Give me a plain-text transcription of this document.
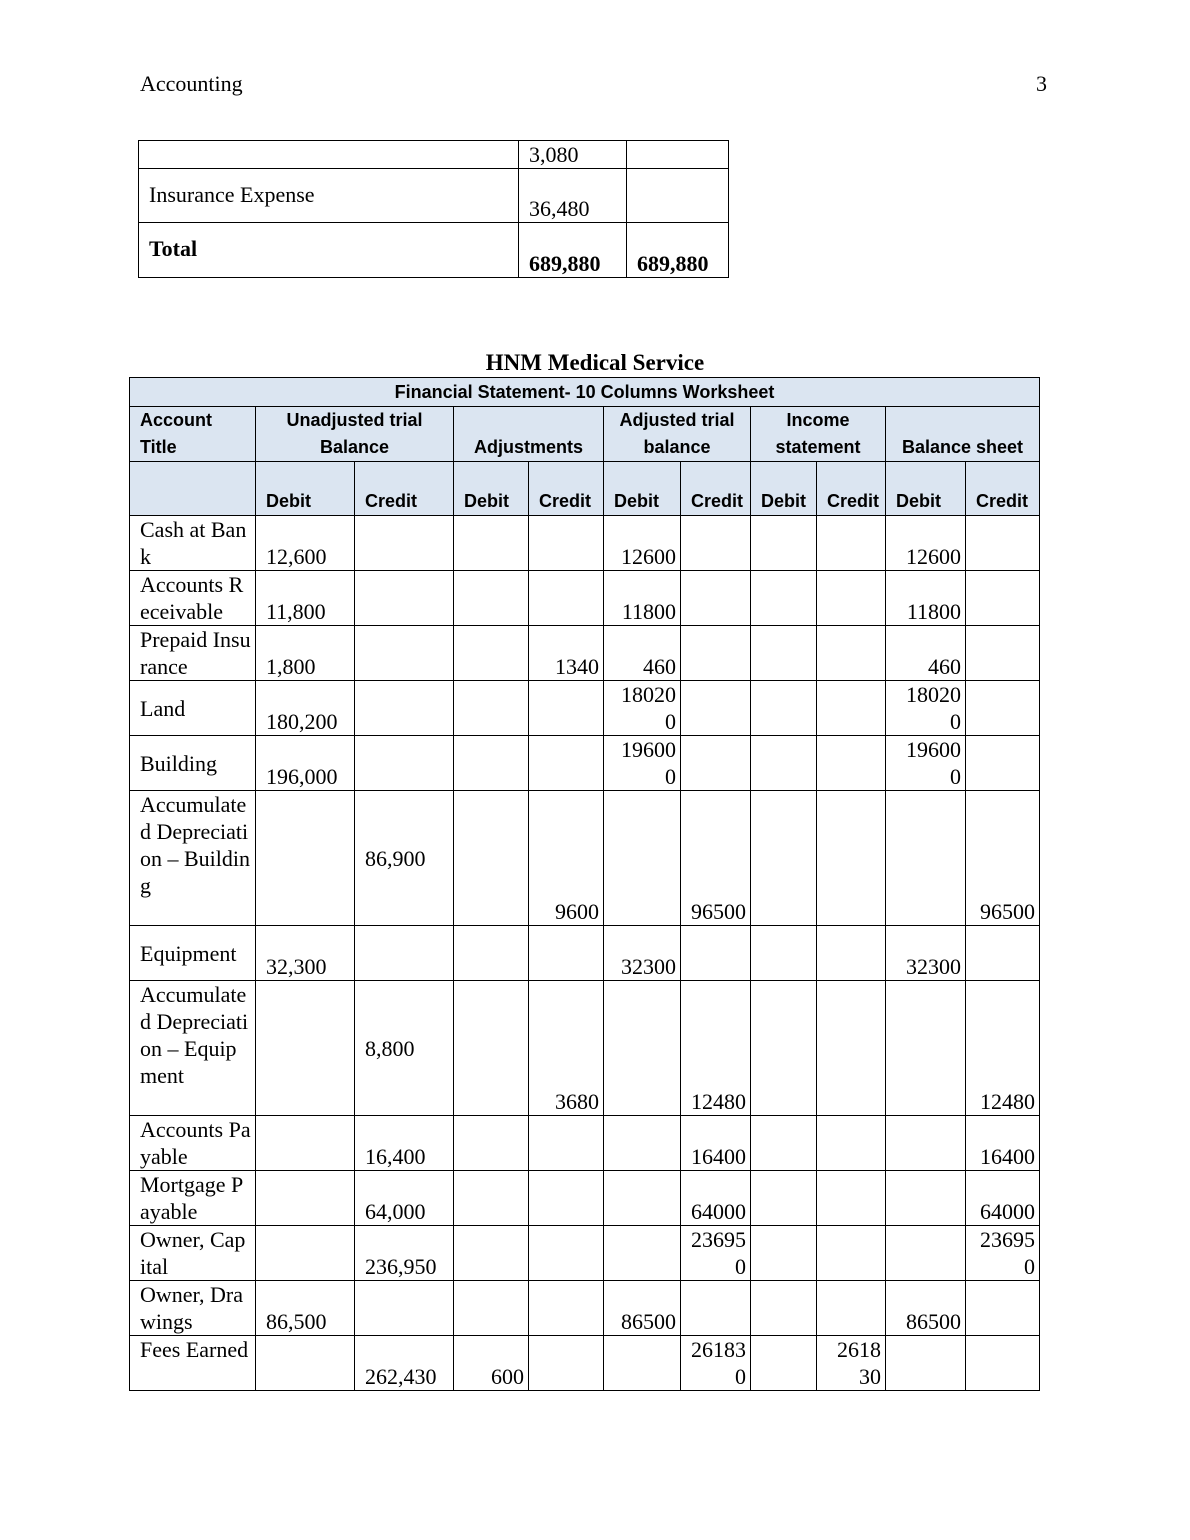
Accounting	3
	3,080	
Insurance Expense	36,480	
Total	689,880	689,880
HNM Medical Service
Financial Statement- 10 Columns Worksheet										
Account Title	Unadjusted trial Balance		Adjustments		Adjusted trial balance		Income statement		Balance sheet	
	Debit	Credit	Debit	Credit	Debit	Credit	Debit	Credit	Debit	Credit
Cash at Bank	12,600				12600				12600	
Accounts Receivable	11,800				11800				11800	
Prepaid Insurance	1,800			1340	460				460	
Land	180,200				180200				180200	
Building	196,000				196000				196000	
Accumulated Depreciation – Building		86,900		9600		96500				96500
Equipment	32,300				32300				32300	
Accumulated Depreciation – Equipment		8,800		3680		12480				12480
Accounts Payable		16,400				16400				16400
Mortgage Payable		64,000				64000				64000
Owner, Capital		236,950				236950				236950
Owner, Drawings	86,500				86500				86500	
Fees Earned		262,430	600			261830		261830		
